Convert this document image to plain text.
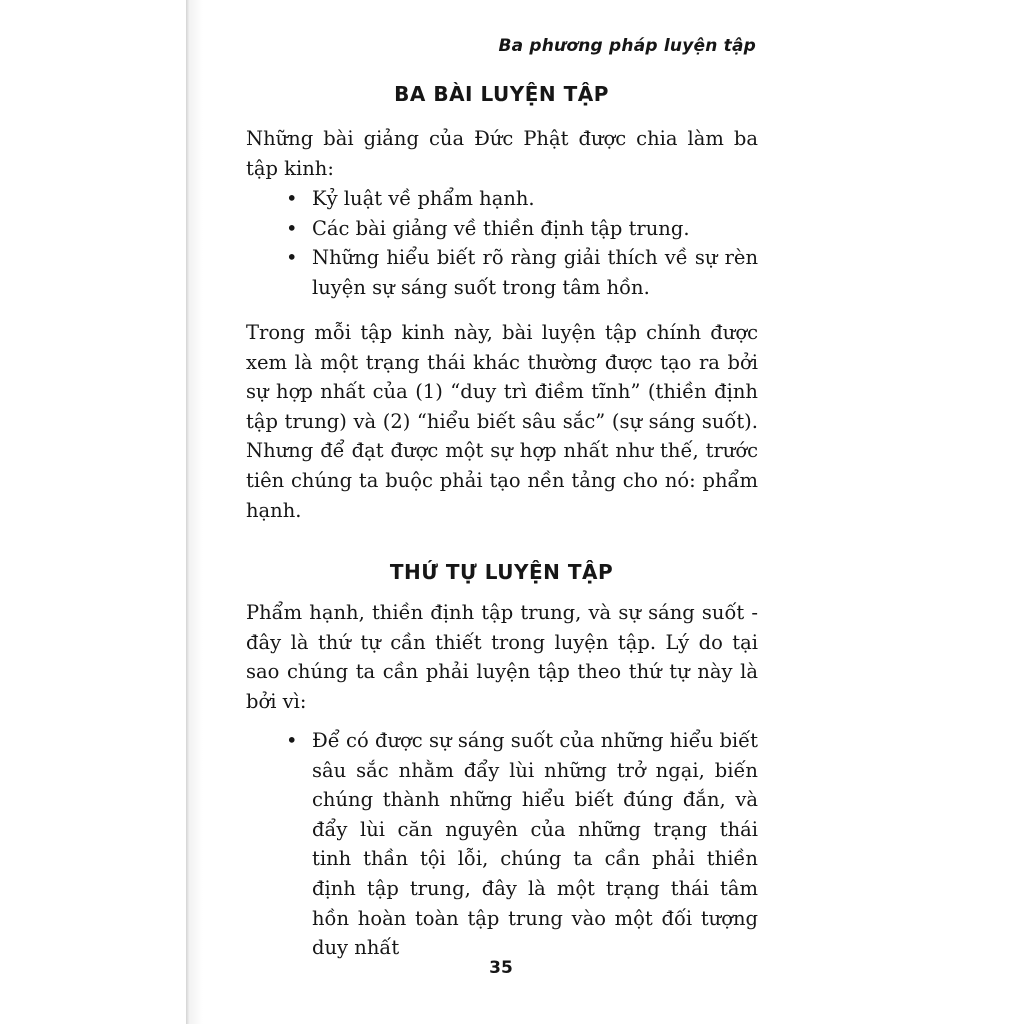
Ba phương pháp luyện tập
BA BÀI LUYỆN TẬP
Những bài giảng của Đức Phật được chia làm ba tập kinh:
• Kỷ luật về phẩm hạnh.
• Các bài giảng về thiền định tập trung.
• Những hiểu biết rõ ràng giải thích về sự rèn luyện sự sáng suốt trong tâm hồn.
Trong mỗi tập kinh này, bài luyện tập chính được xem là một trạng thái khác thường được tạo ra bởi sự hợp nhất của (1) “duy trì điềm tĩnh” (thiền định tập trung) và (2) “hiểu biết sâu sắc” (sự sáng suốt). Nhưng để đạt được một sự hợp nhất như thế, trước tiên chúng ta buộc phải tạo nền tảng cho nó: phẩm hạnh.
THỨ TỰ LUYỆN TẬP
Phẩm hạnh, thiền định tập trung, và sự sáng suốt - đây là thứ tự cần thiết trong luyện tập. Lý do tại sao chúng ta cần phải luyện tập theo thứ tự này là bởi vì:
• Để có được sự sáng suốt của những hiểu biết sâu sắc nhằm đẩy lùi những trở ngại, biến chúng thành những hiểu biết đúng đắn, và đẩy lùi căn nguyên của những trạng thái tinh thần tội lỗi, chúng ta cần phải thiền định tập trung, đây là một trạng thái tâm hồn hoàn toàn tập trung vào một đối tượng duy nhất
35
